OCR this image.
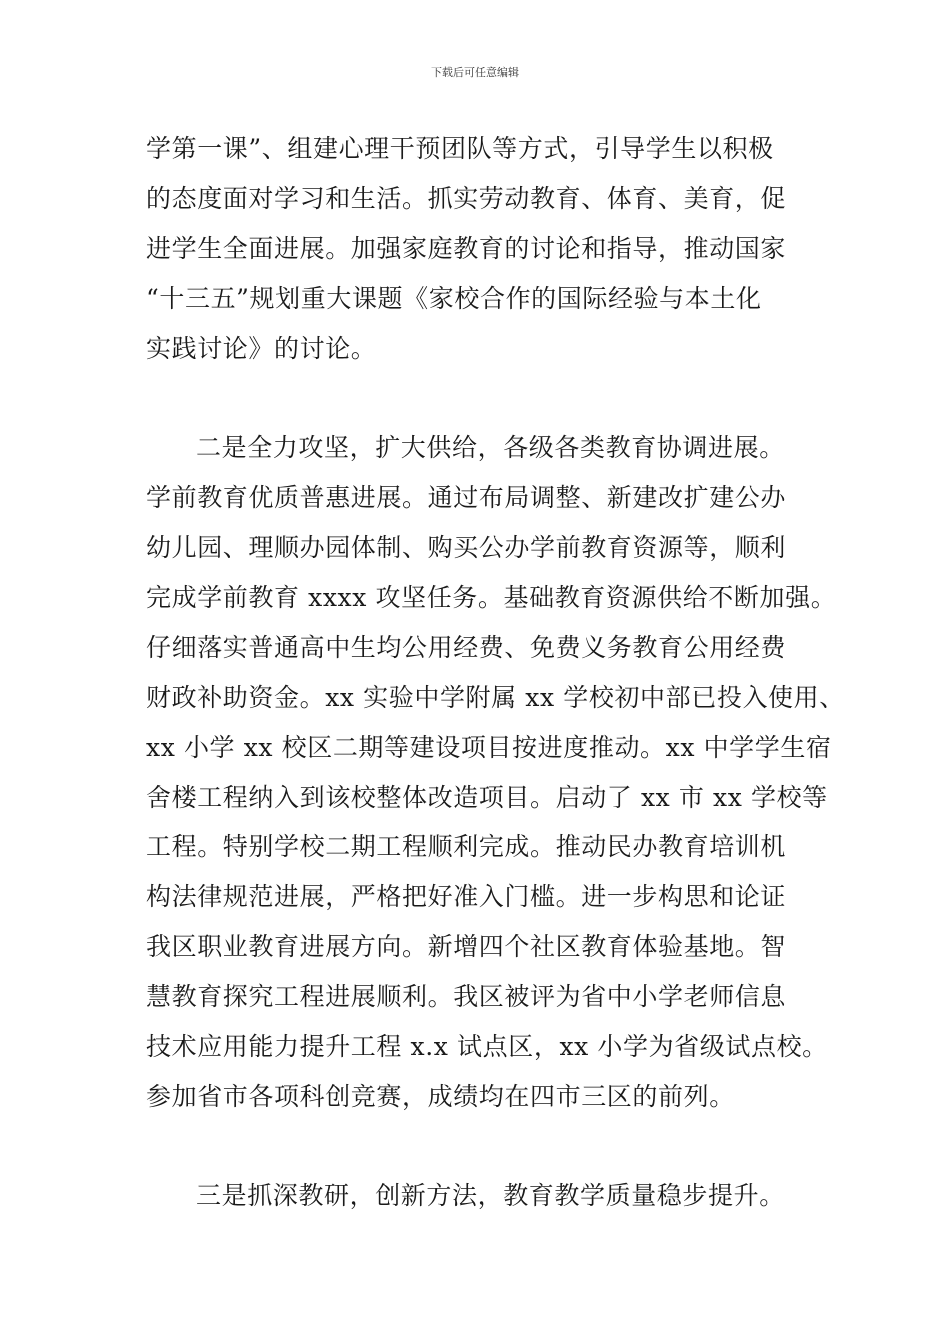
下载后可任意编辑
学第一课”、组建心理干预团队等方式，引导学生以积极
的态度面对学习和生活。抓实劳动教育、体育、美育，促
进学生全面进展。加强家庭教育的讨论和指导，推动国家
“十三五”规划重大课题《家校合作的国际经验与本土化
实践讨论》的讨论。
二是全力攻坚，扩大供给，各级各类教育协调进展。
学前教育优质普惠进展。通过布局调整、新建改扩建公办
幼儿园、理顺办园体制、购买公办学前教育资源等，顺利
完成学前教育 xxxx 攻坚任务。基础教育资源供给不断加强。
仔细落实普通高中生均公用经费、免费义务教育公用经费
财政补助资金。xx 实验中学附属 xx 学校初中部已投入使用、
xx 小学 xx 校区二期等建设项目按进度推动。xx 中学学生宿
舍楼工程纳入到该校整体改造项目。启动了 xx 市 xx 学校等
工程。特别学校二期工程顺利完成。推动民办教育培训机
构法律规范进展，严格把好准入门槛。进一步构思和论证
我区职业教育进展方向。新增四个社区教育体验基地。智
慧教育探究工程进展顺利。我区被评为省中小学老师信息
技术应用能力提升工程 x.x 试点区，xx 小学为省级试点校。
参加省市各项科创竞赛，成绩均在四市三区的前列。
三是抓深教研，创新方法，教育教学质量稳步提升。
